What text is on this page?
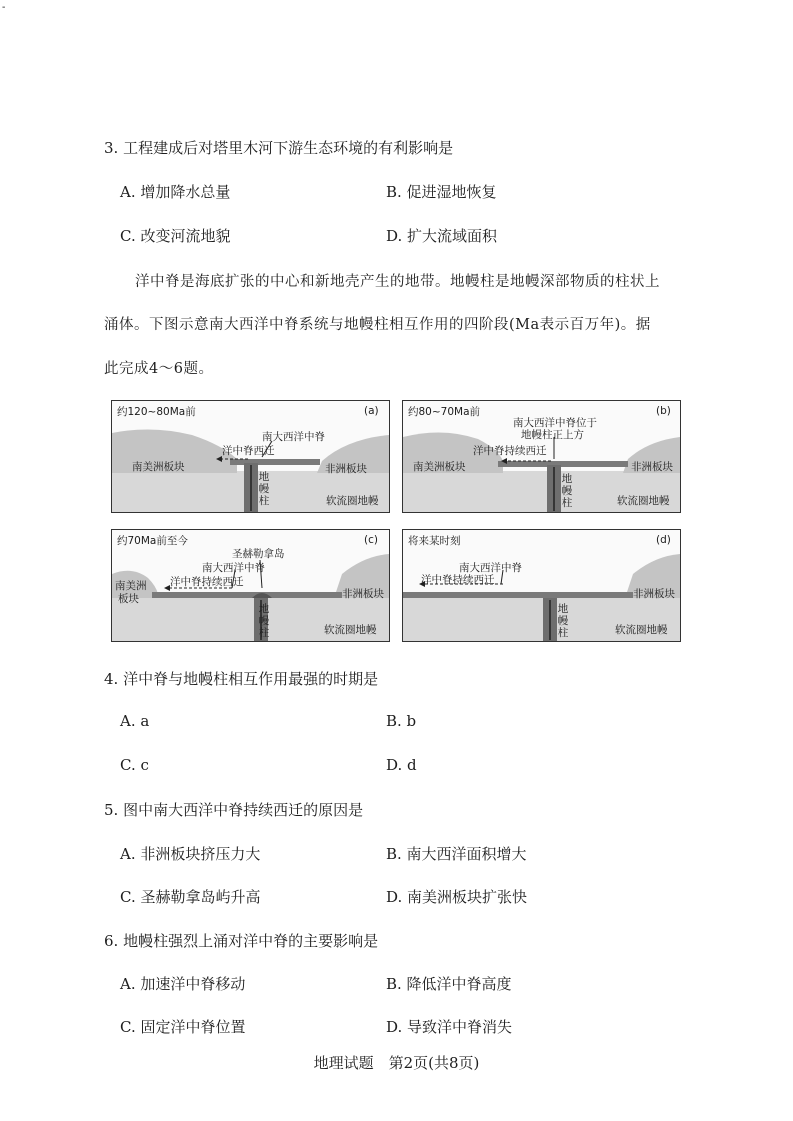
-
3. 工程建成后对塔里木河下游生态环境的有利影响是
A. 增加降水总量	B. 促进湿地恢复
C. 改变河流地貌	D. 扩大流域面积
洋中脊是海底扩张的中心和新地壳产生的地带。地幔柱是地幔深部物质的柱状上
涌体。下图示意南大西洋中脊系统与地幔柱相互作用的四阶段(Ma表示百万年)。据
此完成4～6题。
约120~80Ma前	(a)
南大西洋中脊
洋中脊西迁
南美洲板块	非洲板块
地幔柱	软流圈地幔
约80~70Ma前	(b)
南大西洋中脊位于
地幔柱正上方
洋中脊持续西迁
南美洲板块	非洲板块
地幔柱	软流圈地幔
约70Ma前至今	(c)
圣赫勒拿岛
南大西洋中脊
洋中脊持续西迁
南美洲
板块	非洲板块
地幔柱	软流圈地幔
将来某时刻	(d)
南大西洋中脊
洋中脊持续西迁
非洲板块
地幔柱	软流圈地幔
4. 洋中脊与地幔柱相互作用最强的时期是
A. a	B. b
C. c	D. d
5. 图中南大西洋中脊持续西迁的原因是
A. 非洲板块挤压力大	B. 南大西洋面积增大
C. 圣赫勒拿岛屿升高	D. 南美洲板块扩张快
6. 地幔柱强烈上涌对洋中脊的主要影响是
A. 加速洋中脊移动	B. 降低洋中脊高度
C. 固定洋中脊位置	D. 导致洋中脊消失
地理试题　第2页(共8页)
